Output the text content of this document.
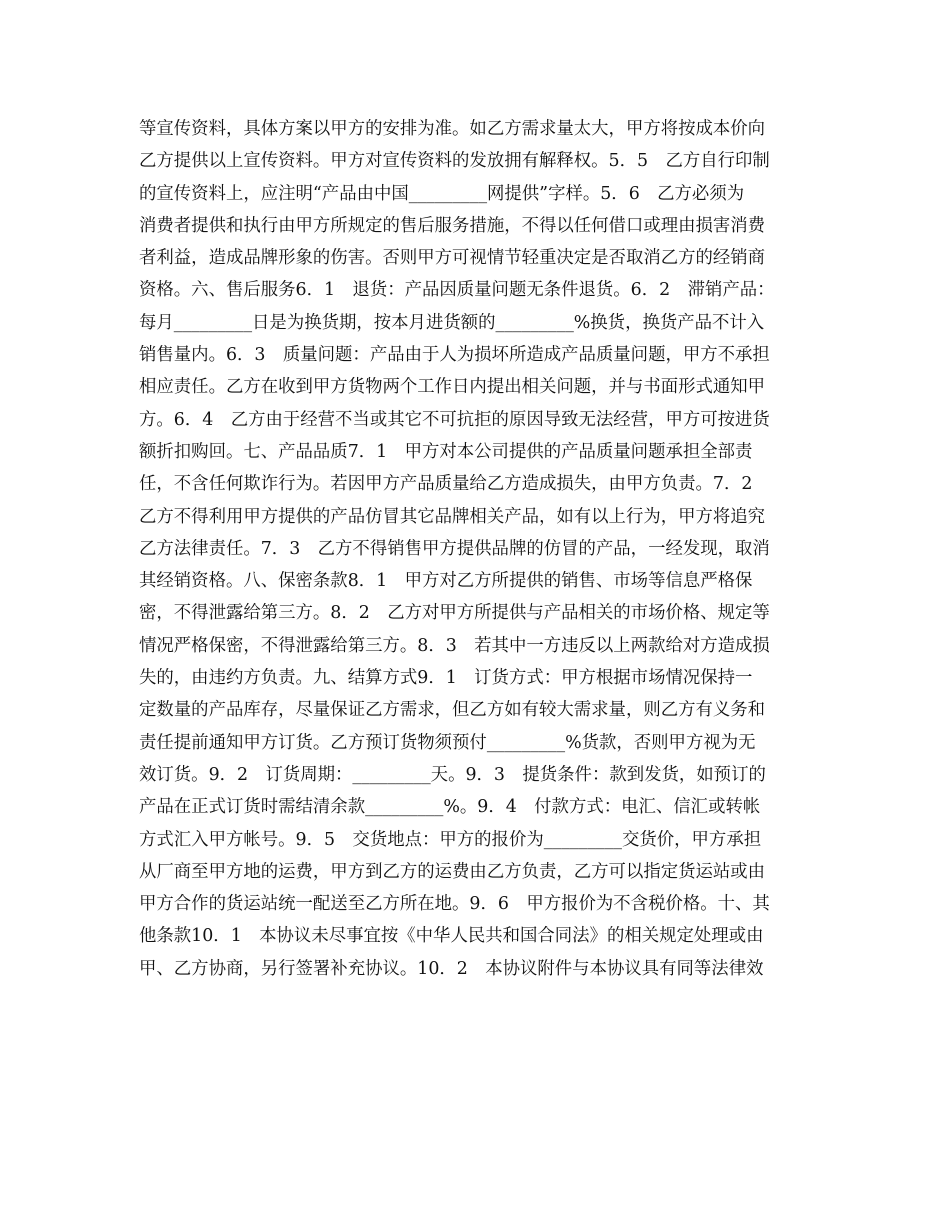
等宣传资料，具体方案以甲方的安排为准。如乙方需求量太大，甲方将按成本价向
乙方提供以上宣传资料。甲方对宣传资料的发放拥有解释权。5．5　乙方自行印制
的宣传资料上，应注明“产品由中国_________网提供”字样。5．6　乙方必须为
消费者提供和执行由甲方所规定的售后服务措施，不得以任何借口或理由损害消费
者利益，造成品牌形象的伤害。否则甲方可视情节轻重决定是否取消乙方的经销商
资格。六、售后服务6．1　退货：产品因质量问题无条件退货。6．2　滞销产品：
每月_________日是为换货期，按本月进货额的_________%换货，换货产品不计入
销售量内。6．3　质量问题：产品由于人为损坏所造成产品质量问题，甲方不承担
相应责任。乙方在收到甲方货物两个工作日内提出相关问题，并与书面形式通知甲
方。6．4　乙方由于经营不当或其它不可抗拒的原因导致无法经营，甲方可按进货
额折扣购回。七、产品品质7．1　甲方对本公司提供的产品质量问题承担全部责
任，不含任何欺诈行为。若因甲方产品质量给乙方造成损失，由甲方负责。7．2
乙方不得利用甲方提供的产品仿冒其它品牌相关产品，如有以上行为，甲方将追究
乙方法律责任。7．3　乙方不得销售甲方提供品牌的仿冒的产品，一经发现，取消
其经销资格。八、保密条款8．1　甲方对乙方所提供的销售、市场等信息严格保
密，不得泄露给第三方。8．2　乙方对甲方所提供与产品相关的市场价格、规定等
情况严格保密，不得泄露给第三方。8．3　若其中一方违反以上两款给对方造成损
失的，由违约方负责。九、结算方式9．1　订货方式：甲方根据市场情况保持一
定数量的产品库存，尽量保证乙方需求，但乙方如有较大需求量，则乙方有义务和
责任提前通知甲方订货。乙方预订货物须预付_________%货款，否则甲方视为无
效订货。9．2　订货周期：_________天。9．3　提货条件：款到发货，如预订的
产品在正式订货时需结清余款_________%。9．4　付款方式：电汇、信汇或转帐
方式汇入甲方帐号。9．5　交货地点：甲方的报价为_________交货价，甲方承担
从厂商至甲方地的运费，甲方到乙方的运费由乙方负责，乙方可以指定货运站或由
甲方合作的货运站统一配送至乙方所在地。9．6　甲方报价为不含税价格。十、其
他条款10．1　本协议未尽事宜按《中华人民共和国合同法》的相关规定处理或由
甲、乙方协商，另行签署补充协议。10．2　本协议附件与本协议具有同等法律效
